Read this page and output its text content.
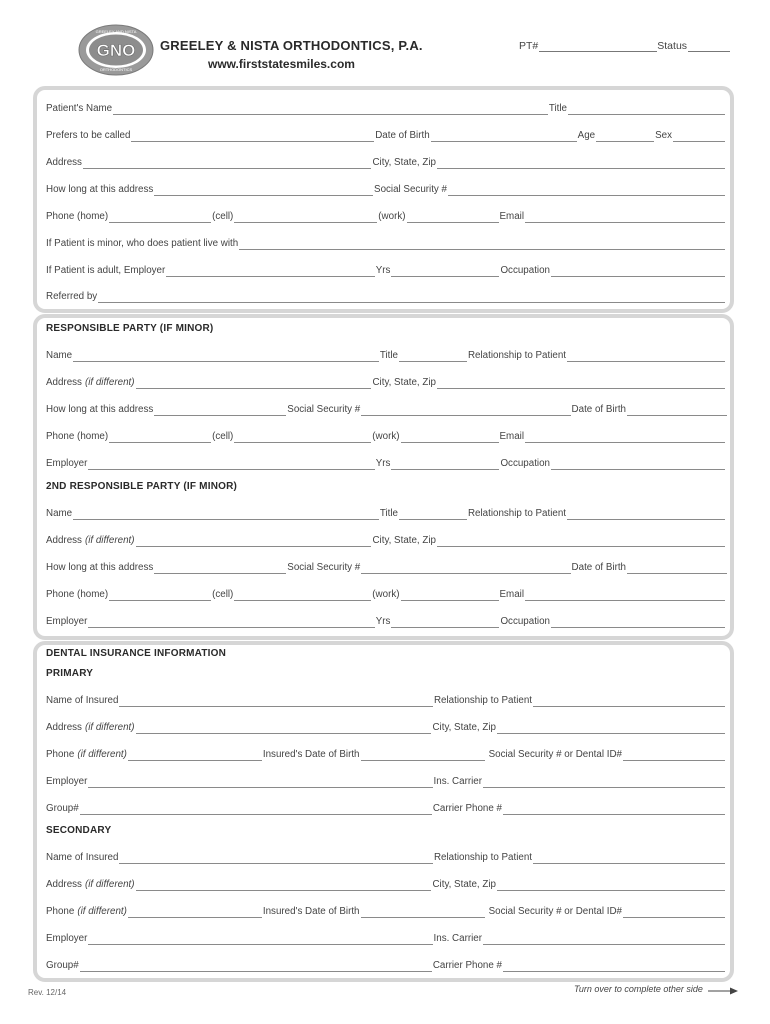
GNO
GREELEY AND NISTA
ORTHODONTICS
GREELEY & NISTA ORTHODONTICS, P.A.
www.firststatesmiles.com
PT#	Status
Patient's Name	Title
Prefers to be called	Date of Birth	Age	Sex
Address	City, State, Zip
How long at this address	Social Security #
Phone (home)	(cell)	(work)	Email
If Patient is minor, who does patient live with
If Patient is adult, Employer	Yrs	Occupation
Referred by
RESPONSIBLE PARTY (IF MINOR)
Name	Title	Relationship to Patient
Address (if different)	City, State, Zip
How long at this address	Social Security #	Date of Birth
Phone (home)	(cell)	(work)	Email
Employer	Yrs	Occupation
2ND RESPONSIBLE PARTY (IF MINOR)
Name	Title	Relationship to Patient
Address (if different)	City, State, Zip
How long at this address	Social Security #	Date of Birth
Phone (home)	(cell)	(work)	Email
Employer	Yrs	Occupation
DENTAL INSURANCE INFORMATION
PRIMARY
Name of Insured	Relationship to Patient
Address (if different)	City, State, Zip
Phone (if different)	Insured's Date of Birth	Social Security # or Dental ID#
Employer	Ins. Carrier
Group#	Carrier Phone #
SECONDARY
Name of Insured	Relationship to Patient
Address (if different)	City, State, Zip
Phone (if different)	Insured's Date of Birth	Social Security # or Dental ID#
Employer	Ins. Carrier
Group#	Carrier Phone #
Rev. 12/14	Turn over to complete other side
